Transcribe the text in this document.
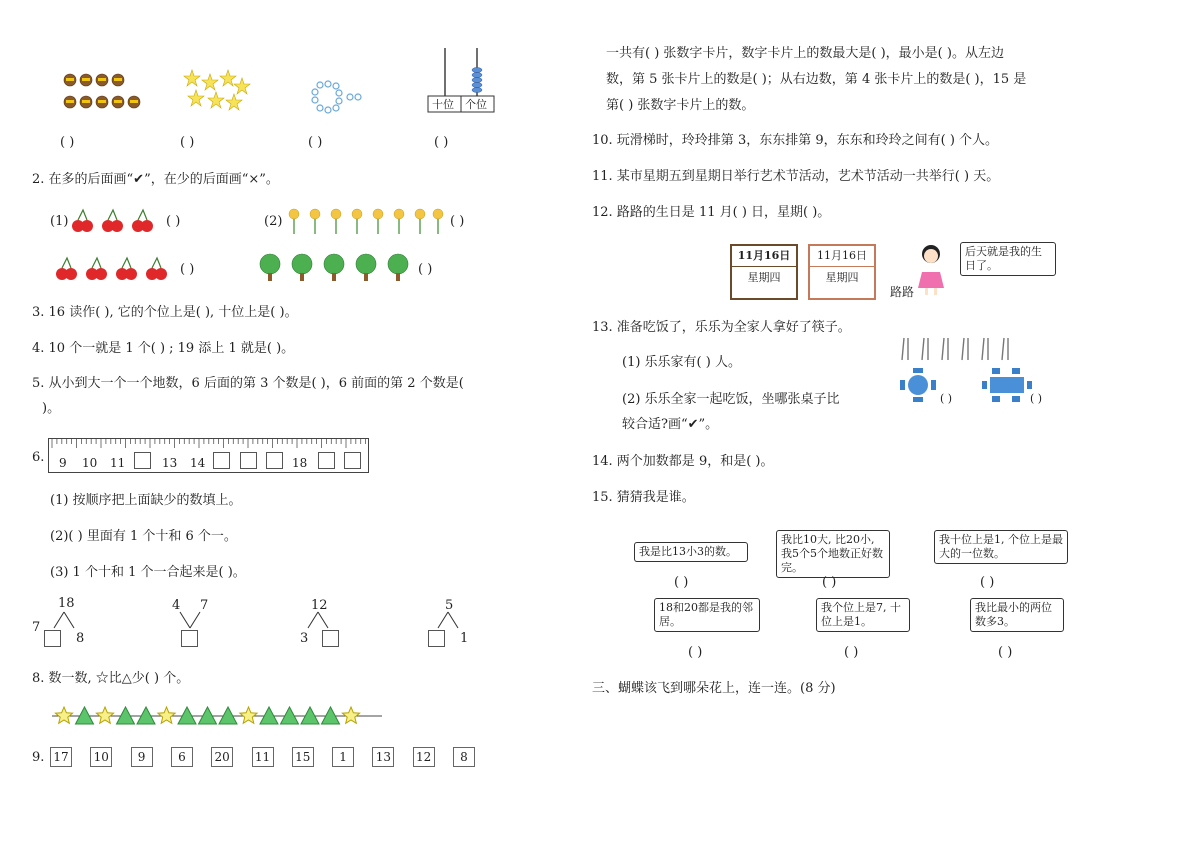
十位 个位
( )	( )	( )	( )
2. 在多的后面画“✔”，在少的后面画“×”。
(1)	( )	(2)	( )
( )	( )
3. 16 读作( ), 它的个位上是( ), 十位上是( )。
4. 10 个一就是 1 个( ) ; 19 添上 1 就是( )。
5. 从小到大一个一个地数，6 后面的第 3 个数是( )，6 前面的第 2 个数是(
)。
6. 9 10 11	13 14	18
(1) 按顺序把上面缺少的数填上。
(2)( ) 里面有 1 个十和 6 个一。
(3) 1 个十和 1 个一合起来是( )。
7
18
8
4 7	12
3
5
1
8. 数一数, ☆比△少( ) 个。
9. 17 10	9	6	20 11 15	1	13 12	8
一共有( ) 张数字卡片，数字卡片上的数最大是( )，最小是( )。从左边
数，第 5 张卡片上的数是( )；从右边数，第 4 张卡片上的数是( )，15 是
第( ) 张数字卡片上的数。
10. 玩滑梯时，玲玲排第 3，东东排第 9，东东和玲玲之间有( ) 个人。
11. 某市星期五到星期日举行艺术节活动，艺术节活动一共举行( ) 天。
12. 路路的生日是 11 月( ) 日，星期( )。
11月16日
星期四
11月16日
星期四
后天就是我的生日了。
路路
13. 准备吃饭了，乐乐为全家人拿好了筷子。
(1) 乐乐家有( ) 人。
(2) 乐乐全家一起吃饭，坐哪张桌子比
较合适?画“✔”。
( )	( )
14. 两个加数都是 9，和是( )。
15. 猜猜我是谁。
我是比13小3的数。
( )
我比10大, 比20小, 我5个5个地数正好数完。
( )
我十位上是1, 个位上是最大的一位数。
( )
18和20都是我的邻居。
( )
我个位上是7, 十位上是1。
( )
我比最小的两位数多3。
( )
三、蝴蝶该飞到哪朵花上，连一连。(8 分)
